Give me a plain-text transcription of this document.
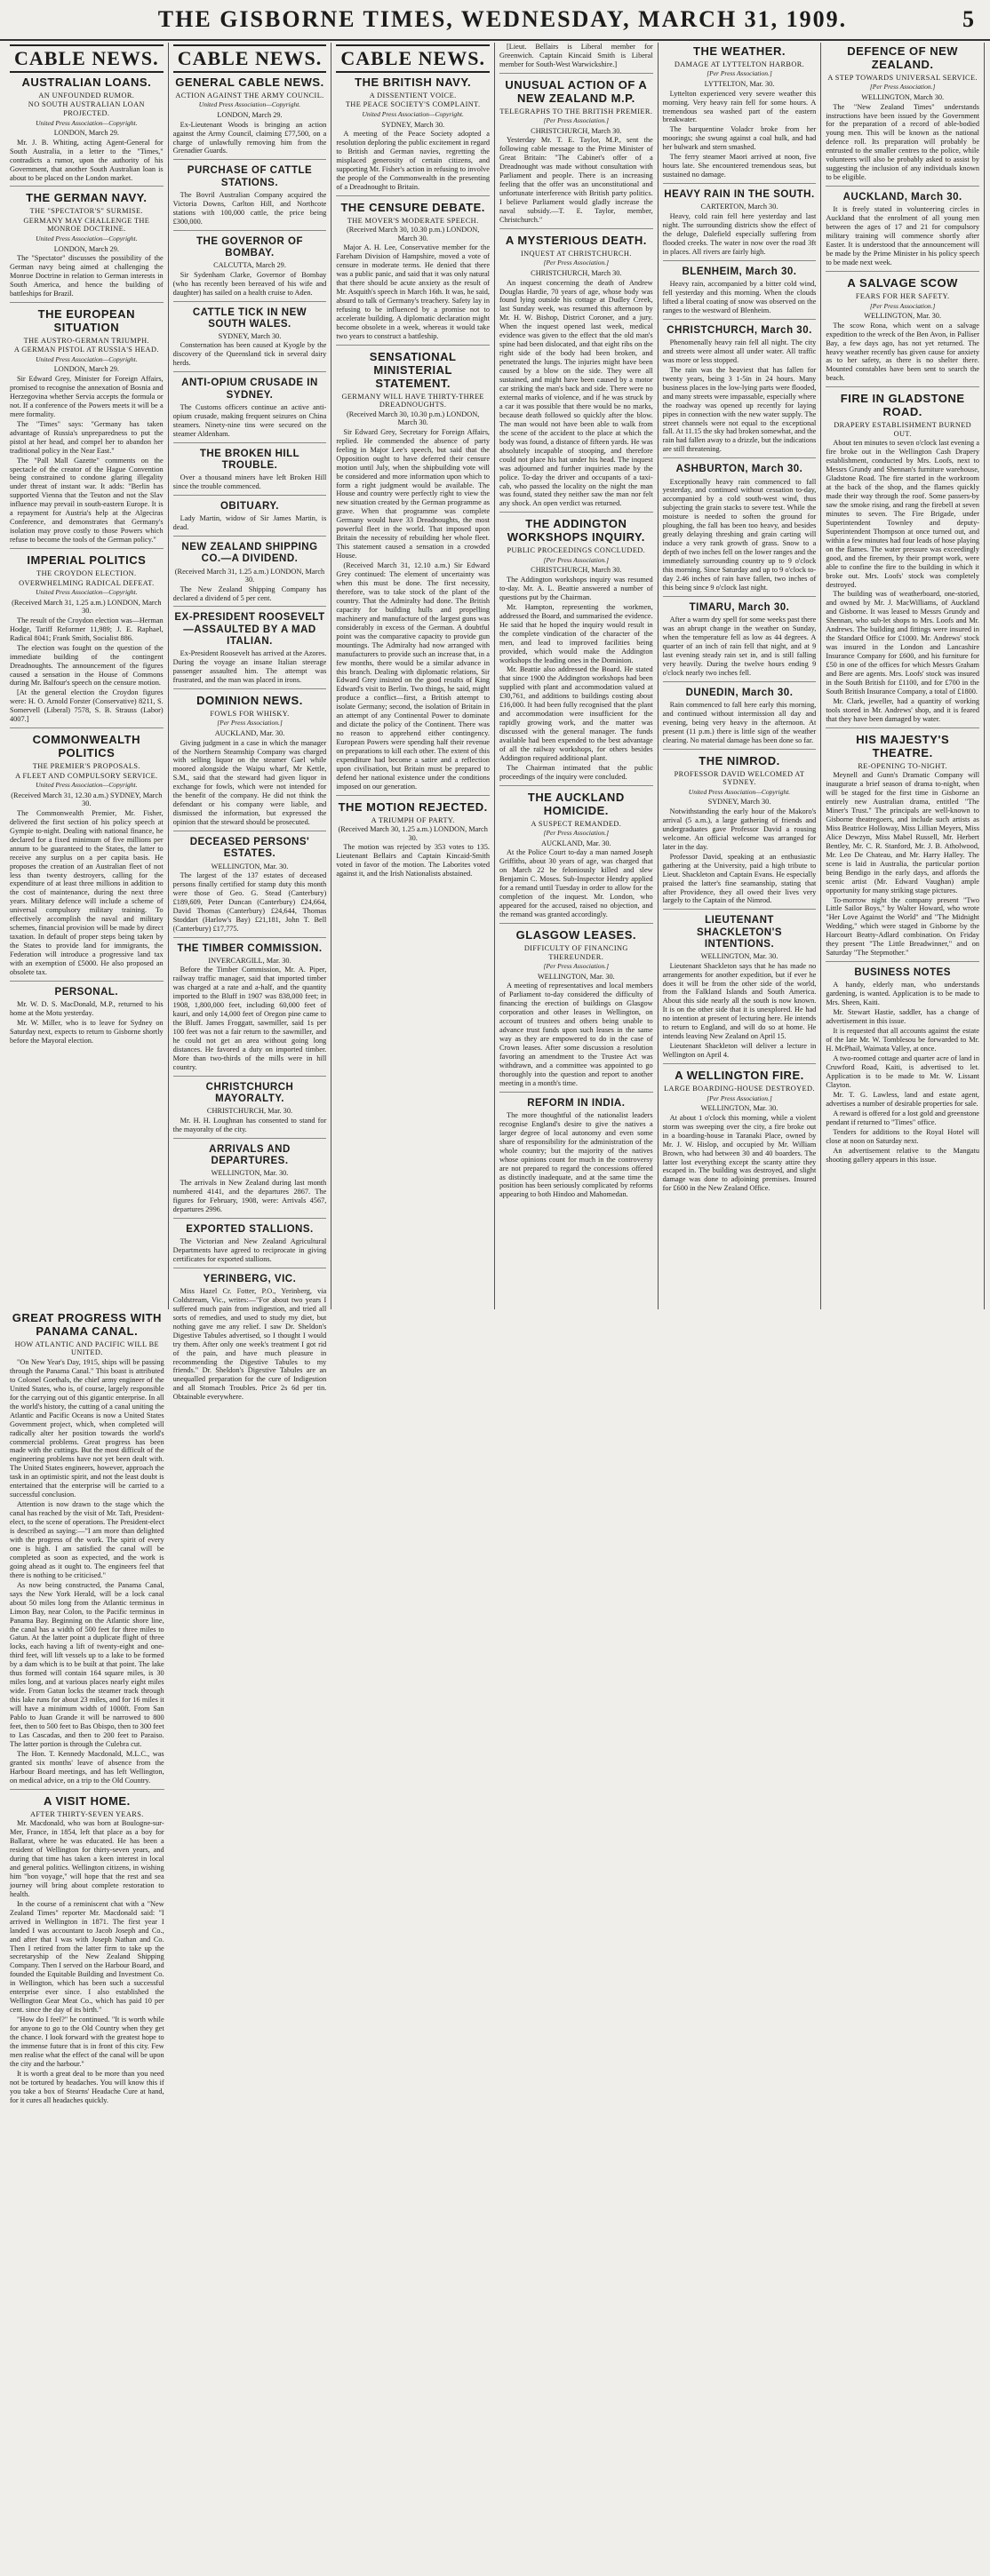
THE GISBORNE TIMES, WEDNESDAY, MARCH 31, 1909.	5
CABLE NEWS.
AUSTRALIAN LOANS.
AN UNFOUNDED RUMOR.
NO SOUTH AUSTRALIAN LOAN PROJECTED.
United Press Association—Copyright.
LONDON, March 29.

Mr. J. B. Whiting, acting Agent-General for South Australia, in a letter to the "Times," contradicts a rumor, upon the authority of his Government, that another South Australian loan is about to be placed on the London market.

THE GERMAN NAVY.
THE "SPECTATOR'S" SURMISE.
GERMANY MAY CHALLENGE THE MONROE DOCTRINE.
United Press Association—Copyright.
LONDON, March 29.

The "Spectator" discusses the possibility of the German navy being aimed at challenging the Monroe Doctrine in relation to German interests in South America, and hence the building of battleships for Brazil.

THE EUROPEAN SITUATION
THE AUSTRO-GERMAN TRIUMPH.
A GERMAN PISTOL AT RUSSIA'S HEAD.
United Press Association—Copyright.
LONDON, March 29.

Sir Edward Grey, Minister for Foreign Affairs, promised to recognise the annexation of Bosnia and Herzegovina whether Servia accepts the formula or not. If a conference of the Powers meets it will be a mere formality.

The "Times" says: "Germany has taken advantage of Russia's unpreparedness to put the pistol at her head, and compel her to abandon her traditional policy in the Near East."

The "Pall Mall Gazette" comments on the spectacle of the creator of the Hague Convention being constrained to condone glaring illegality under threat of instant war. It adds: "Berlin has supported Vienna that the Teuton and not the Slav influence may prevail in south-eastern Europe. It is a repayment for Austria's help at the Algeciras Conference, and demonstrates that Germany's isolation may prove costly to those Powers which refuse to become the tools of the German policy."

IMPERIAL POLITICS
THE CROYDON ELECTION.
OVERWHELMING RADICAL DEFEAT.
United Press Association—Copyright.
(Received March 31, 1.25 a.m.) LONDON, March 30.

The result of the Croydon election was—Herman Hodge, Tariff Reformer 11,989; J. E. Raphael, Radical 8041; Frank Smith, Socialist 886.

The election was fought on the question of the immediate building of the contingent Dreadnoughts. The announcement of the figures caused a sensation in the House of Commons during Mr. Balfour's speech on the censure motion.

[At the general election the Croydon figures were: H. O. Arnold Forster (Conservative) 8211, S. Somervell (Liberal) 7578, S. B. Strauss (Labor) 4007.]

COMMONWEALTH POLITICS
THE PREMIER'S PROPOSALS.
A FLEET AND COMPULSORY SERVICE.
United Press Association—Copyright.
(Received March 31, 12.30 a.m.) SYDNEY, March 30.

The Commonwealth Premier, Mr. Fisher, delivered the first section of his policy speech at Gympie to-night. Dealing with national finance, he declared for a fixed minimum of five millions per annum to be guaranteed to the States, the latter to receive any surplus on a per capita basis. He proposes the creation of an Australian fleet of not less than twenty destroyers, calling for the expenditure of at least three millions in addition to the cost of maintenance, during the next three years. Military defence will include a scheme of universal compulsory military training. To effectively accomplish the naval and military schemes, financial provision will be made by direct taxation. In default of proper steps being taken by the States to provide land for immigrants, the Federation will introduce a progressive land tax with an exemption of £5000. He also proposed an obsolete tax.

PERSONAL.

Mr. W. D. S. MacDonald, M.P., returned to his home at the Motu yesterday.

Mr. W. Miller, who is to leave for Sydney on Saturday next, expects to return to Gisborne shortly before the Mayoral election.

CABLE NEWS.
GENERAL CABLE NEWS.
ACTION AGAINST THE ARMY COUNCIL.
United Press Association—Copyright.
LONDON, March 29.

Ex-Lieutenant Woods is bringing an action against the Army Council, claiming £77,500, on a charge of unlawfully removing him from the Grenadier Guards.

PURCHASE OF CATTLE STATIONS.

The Bovril Australian Company acquired the Victoria Downs, Carlton Hill, and Northcote stations with 100,000 cattle, the price being £300,000.

THE GOVERNOR OF BOMBAY.
CALCUTTA, March 29.

Sir Sydenham Clarke, Governor of Bombay (who has recently been bereaved of his wife and daughter) has sailed on a health cruise to Aden.

CATTLE TICK IN NEW SOUTH WALES.
SYDNEY, March 30.

Consternation has been caused at Kyogle by the discovery of the Queensland tick in several dairy herds.

ANTI-OPIUM CRUSADE IN SYDNEY.

The Customs officers continue an active anti-opium crusade, making frequent seizures on China steamers. Ninety-nine tins were secured on the steamer Aldenham.

THE BROKEN HILL TROUBLE.

Over a thousand miners have left Broken Hill since the trouble commenced.

OBITUARY.

Lady Martin, widow of Sir James Martin, is dead.

NEW ZEALAND SHIPPING CO.—A DIVIDEND.
(Received March 31, 1.25 a.m.) LONDON, March 30.

The New Zealand Shipping Company has declared a dividend of 5 per cent.

EX-PRESIDENT ROOSEVELT—ASSAULTED BY A MAD ITALIAN.

Ex-President Roosevelt has arrived at the Azores. During the voyage an insane Italian steerage passenger assaulted him. The attempt was frustrated, and the man was placed in irons.

DOMINION NEWS.
FOWLS FOR WHISKY.
[Per Press Association.]
AUCKLAND, Mar. 30.

Giving judgment in a case in which the manager of the Northern Steamship Company was charged with selling liquor on the steamer Gael while moored alongside the Waipu wharf, Mr Kettle, S.M., said that the steward had given liquor in exchange for fowls, which were not intended for the benefit of the company. He did not think the defendant or his company were liable, and dismissed the information, but expressed the opinion that the steward should be prosecuted.

DECEASED PERSONS' ESTATES.
WELLINGTON, Mar. 30.

The largest of the 137 estates of deceased persons finally certified for stamp duty this month were those of Geo. G. Stead (Canterbury) £189,609, Peter Duncan (Canterbury) £24,664, David Thomas (Canterbury) £24,644, Thomas Stoddart (Harlow's Bay) £21,181, John T. Bell (Canterbury) £17,775.

THE TIMBER COMMISSION.
INVERCARGILL, Mar. 30.

Before the Timber Commission, Mr. A. Piper, railway traffic manager, said that imported timber was charged at a rate and a-half, and the quantity imported to the Bluff in 1907 was 838,000 feet; in 1908, 1,800,000 feet, including 60,000 feet of kauri, and only 14,000 feet of Oregon pine came to the Bluff. James Froggatt, sawmiller, said 1s per 100 feet was not a fair return to the sawmiller, and he could not get an area without going long distances. He favored a duty on imported timber. More than two-thirds of the mills were in hill country.

CHRISTCHURCH MAYORALTY.
CHRISTCHURCH, Mar. 30.

Mr. H. H. Loughnan has consented to stand for the mayoralty of the city.

ARRIVALS AND DEPARTURES.
WELLINGTON, Mar. 30.

The arrivals in New Zealand during last month numbered 4141, and the departures 2867. The figures for February, 1908, were: Arrivals 4567, departures 2996.

EXPORTED STALLIONS.

The Victorian and New Zealand Agricultural Departments have agreed to reciprocate in giving certificates for exported stallions.

YERINBERG, VIC.

Miss Hazel Cr. Fotter, P.O., Yerinberg, via Coldstream, Vic., writes:—"For about two years I suffered much pain from indigestion, and tried all sorts of remedies, and used to study my diet, but nothing gave me any relief. I saw Dr. Sheldon's Digestive Tabules advertised, so I thought I would try them. After only one week's treatment I got rid of the pain, and have much pleasure in recommending the Digestive Tabules to my friends." Dr. Sheldon's Digestive Tabules are an unequalled preparation for the cure of Indigestion and all Stomach Troubles. Price 2s 6d per tin. Obtainable everywhere.

CABLE NEWS.
THE BRITISH NAVY.
A DISSENTIENT VOICE.
THE PEACE SOCIETY'S COMPLAINT.
United Press Association—Copyright.
SYDNEY, March 30.

A meeting of the Peace Society adopted a resolution deploring the public excitement in regard to British and German navies, regretting the misplaced generosity of certain citizens, and supporting Mr. Fisher's action in refusing to involve the people of the Commonwealth in the presenting of a Dreadnought to Britain.

THE CENSURE DEBATE.
THE MOVER'S MODERATE SPEECH.
(Received March 30, 10.30 p.m.) LONDON, March 30.

Major A. H. Lee, Conservative member for the Fareham Division of Hampshire, moved a vote of censure in moderate terms. He denied that there was a public panic, and said that it was only natural that there should be acute anxiety as the result of Mr. Asquith's speech in March 16th. It was, he said, absurd to talk of Germany's treachery. Safety lay in refusing to be influenced by a promise not to accelerate building. A diplomatic declaration might become obsolete in a week, whereas it would take two years to construct a battleship.

SENSATIONAL MINISTERIAL STATEMENT.
GERMANY WILL HAVE THIRTY-THREE DREADNOUGHTS.
(Received March 30, 10.30 p.m.) LONDON, March 30.

Sir Edward Grey, Secretary for Foreign Affairs, replied. He commended the absence of party feeling in Major Lee's speech, but said that the Opposition ought to have deferred their censure motion until July, when the shipbuilding vote will be considered and more information upon which to form a right judgment would be available. The House and country were perfectly right to view the new situation created by the German programme as grave. When that programme was complete Germany would have 33 Dreadnoughts, the most powerful fleet in the world. That imposed upon Britain the necessity of rebuilding her whole fleet. This statement caused a sensation in a crowded House.

(Received March 31, 12.10 a.m.) Sir Edward Grey continued: The element of uncertainty was when this must be done. The first necessity, therefore, was to take stock of the plant of the country. That the Admiralty had done. The British capacity for building hulls and propelling machinery and manufacture of the largest guns was considerably in excess of the German. A doubtful point was the comparative capacity to provide gun mountings. The Admiralty had now arranged with manufacturers to provide such an increase that, in a few months, there would be a similar advance in this branch. Dealing with diplomatic relations, Sir Edward Grey insisted on the good results of King Edward's visit to Berlin. Two things, he said, might produce a conflict—first, a British attempt to isolate Germany; second, the isolation of Britain in an attempt of any Continental Power to dominate and dictate the policy of the Continent. There was no reason to apprehend either contingency. European Powers were spending half their revenue on preparations to kill each other. The extent of this expenditure had become a satire and a reflection upon civilisation, but Britain must be prepared to defend her national existence under the conditions imposed on our generation.

THE MOTION REJECTED.
A TRIUMPH OF PARTY.
(Received March 30, 1.25 a.m.) LONDON, March 30.

The motion was rejected by 353 votes to 135. Lieutenant Bellairs and Captain Kincaid-Smith voted in favor of the motion. The Laborites voted against it, and the Irish Nationalists abstained.

[Lieut. Bellairs is Liberal member for Greenwich. Captain Kincaid Smith is Liberal member for South-West Warwickshire.]

UNUSUAL ACTION OF A NEW ZEALAND M.P.
TELEGRAPHS TO THE BRITISH PREMIER.
[Per Press Association.]
CHRISTCHURCH, March 30.

Yesterday Mr. T. E. Taylor, M.P., sent the following cable message to the Prime Minister of Great Britain: "The Cabinet's offer of a Dreadnought was made without consultation with Parliament and people. There is an increasing feeling that the offer was an unconstitutional and unfortunate interference with British party politics. I believe Parliament would gladly increase the naval subsidy.—T. E. Taylor, member, Christchurch."

A MYSTERIOUS DEATH.
INQUEST AT CHRISTCHURCH.
[Per Press Association.]
CHRISTCHURCH, March 30.

An inquest concerning the death of Andrew Douglas Hardie, 70 years of age, whose body was found lying outside his cottage at Dudley Creek, last Sunday week, was resumed this afternoon by Mr. H. W. Bishop, District Coroner, and a jury. When the inquest opened last week, medical evidence was given to the effect that the old man's spine had been dislocated, and that eight ribs on the right side of the body had been broken, and penetrated the lungs. The injuries might have been caused by a blow on the side. They were all sustained, and might have been caused by a motor car striking the man's back and side. There were no external marks of violence, and if he was struck by a car it was possible that there would be no marks, because death followed so quickly after the blow. The man would not have been able to walk from the scene of the accident to the place at which the body was found, a distance of fifteen yards. He was absolutely incapable of stooping, and therefore could not place his hat under his head. The inquest was adjourned and further inquiries made by the police. To-day the driver and occupants of a taxi-cab, who passed the locality on the night the man was found, stated they neither saw the man nor felt any shock. An open verdict was returned.

THE ADDINGTON WORKSHOPS INQUIRY.
PUBLIC PROCEEDINGS CONCLUDED.
[Per Press Association.]
CHRISTCHURCH, March 30.

The Addington workshops inquiry was resumed to-day. Mr. A. L. Beattie answered a number of questions put by the Chairman.

Mr. Hampton, representing the workmen, addressed the Board, and summarised the evidence. He said that he hoped the inquiry would result in the complete vindication of the character of the men, and lead to improved facilities being provided, which would make the Addington workshops the leading ones in the Dominion.

Mr. Beattie also addressed the Board. He stated that since 1900 the Addington workshops had been supplied with plant and accommodation valued at £30,761, and additions to buildings costing about £16,000. It had been fully recognised that the plant and accommodation were insufficient for the rapidly growing work, and the matter was discussed with the general manager. The funds available had been expended to the best advantage of all the railway workshops, for others besides Addington required additional plant.

The Chairman intimated that the public proceedings of the inquiry were concluded.

THE AUCKLAND HOMICIDE.
A SUSPECT REMANDED.
[Per Press Association.]
AUCKLAND, Mar. 30.

At the Police Court to-day a man named Joseph Griffiths, about 30 years of age, was charged that on March 22 he feloniously killed and slew Benjamin C. Moses. Sub-Inspector Hendry applied for a remand until Tuesday in order to allow for the completion of the inquest. Mr. London, who appeared for the accused, raised no objection, and the remand was granted accordingly.

GLASGOW LEASES.
DIFFICULTY OF FINANCING THEREUNDER.
[Per Press Association.]
WELLINGTON, Mar. 30.

A meeting of representatives and local members of Parliament to-day considered the difficulty of financing the erection of buildings on Glasgow corporation and other leases in Wellington, on account of trustees and others being unable to advance trust funds upon such leases in the same way as they are empowered to do in the case of Crown leases. After some discussion a resolution favoring an amendment to the Trustee Act was withdrawn, and a committee was appointed to go thoroughly into the question and report to another meeting in a month's time.

REFORM IN INDIA.

The more thoughtful of the nationalist leaders recognise England's desire to give the natives a larger degree of local autonomy and even some share of responsibility for the administration of the whole country; but the majority of the natives whose opinions count for much in the controversy are not prepared to regard the concessions offered as distinctly inadequate, and at the same time the position has been seriously complicated by reforms appearing to both Hindoo and Mahomedan.

THE WEATHER.
DAMAGE AT LYTTELTON HARBOR.
[Per Press Association.]
LYTTELTON, Mar. 30.

Lyttelton experienced very severe weather this morning. Very heavy rain fell for some hours. A tremendous sea washed part of the eastern breakwater.

The barquentine Voladcr broke from her moorings; she swung against a coal hulk, and had her bulwark and stern smashed.

The ferry steamer Maori arrived at noon, five hours late. She encountered tremendous seas, but sustained no damage.

HEAVY RAIN IN THE SOUTH.
CARTERTON, March 30.

Heavy, cold rain fell here yesterday and last night. The surrounding districts show the effect of the deluge, Dalefield especially suffering from flooded creeks. The water in now over the road 3ft in places. All rivers are fairly high.

BLENHEIM, March 30.

Heavy rain, accompanied by a bitter cold wind, fell yesterday and this morning. When the clouds lifted a liberal coating of snow was observed on the ranges to the westward of Blenheim.

CHRISTCHURCH, March 30.

Phenomenally heavy rain fell all night. The city and streets were almost all under water. All traffic was more or less stopped.

The rain was the heaviest that has fallen for twenty years, being 3 1-5in in 24 hours. Many business places in the low-lying parts were flooded, and many streets were impassable, especially where the roadway was opened up recently for laying pipes in connection with the new water supply. The street channels were not equal to the exceptional fall. At 11.15 the sky had broken somewhat, and the rain had fallen away to a drizzle, but the indications are still threatening.

ASHBURTON, March 30.

Exceptionally heavy rain commenced to fall yesterday, and continued without cessation to-day, accompanied by a cold south-west wind, thus subjecting the grain stacks to severe test. While the moisture is needed to soften the ground for ploughing, the fall has been too heavy, and besides greatly delaying threshing and grain carting will induce a very rank growth of grass. Snow to a depth of two inches fell on the lower ranges and the immediately surrounding country up to 9 o'clock this morning. Since Saturday and up to 9 o'clock to-day 2.46 inches of rain have fallen, two inches of this being since 9 o'clock last night.

TIMARU, March 30.

After a warm dry spell for some weeks past there was an abrupt change in the weather on Sunday, when the temperature fell as low as 44 degrees. A quarter of an inch of rain fell that night, and at 9 last evening steady rain set in, and is still falling very heavily. During the twelve hours ending 9 o'clock nearly two inches fell.

DUNEDIN, March 30.

Rain commenced to fall here early this morning, and continued without intermission all day and evening, being very heavy in the afternoon. At present (11 p.m.) there is little sign of the weather clearing. No material damage has been done so far.

THE NIMROD.
PROFESSOR DAVID WELCOMED AT SYDNEY.
United Press Association—Copyright.
SYDNEY, March 30.

Notwithstanding the early hour of the Makoro's arrival (5 a.m.), a large gathering of friends and undergraduates gave Professor David a rousing welcome. An official welcome was arranged for later in the day.

Professor David, speaking at an enthusiastic gathering at the University, paid a high tribute to Lieut. Shackleton and Captain Evans. He especially praised the latter's fine seamanship, stating that after Providence, they all owed their lives very largely to the Captain of the Nimrod.

LIEUTENANT SHACKLETON'S INTENTIONS.
WELLINGTON, Mar. 30.

Lieutenant Shackleton says that he has made no arrangements for another expedition, but if ever he does it will be from the other side of the world, from the Falkland Islands and South America. About this side nearly all the south is now known. It is on the other side that it is unexplored. He had no intention at present of lecturing here. He intends to return to England, and will do so at home. He intends leaving New Zealand on April 15.

Lieutenant Shackleton will deliver a lecture in Wellington on April 4.

A WELLINGTON FIRE.
LARGE BOARDING-HOUSE DESTROYED.
[Per Press Association.]
WELLINGTON, Mar. 30.

At about 1 o'clock this morning, while a violent storm was sweeping over the city, a fire broke out in a boarding-house in Taranaki Place, owned by Mr. J. W. Hislop, and occupied by Mr. William Brown, who had between 30 and 40 boarders. The latter lost everything except the scanty attire they escaped in. The building was destroyed, and slight damage was done to adjoining premises. Insured for £600 in the New Zealand Office.

DEFENCE OF NEW ZEALAND.
A STEP TOWARDS UNIVERSAL SERVICE.
[Per Press Association.]
WELLINGTON, March 30.

The "New Zealand Times" understands instructions have been issued by the Government for the preparation of a record of able-bodied young men. This will be known as the national defence roll. Its preparation will probably be entrusted to the smaller centres to the police, while volunteers will also be probably asked to assist by suggesting the inclusion of any individuals known to be eligible.

AUCKLAND, March 30.

It is freely stated in volunteering circles in Auckland that the enrolment of all young men between the ages of 17 and 21 for compulsory military training will commence shortly after Easter. It is understood that the announcement will be made by the Prime Minister in his policy speech to be made next week.

A SALVAGE SCOW
FEARS FOR HER SAFETY.
[Per Press Association.]
WELLINGTON, Mar. 30.

The scow Rona, which went on a salvage expedition to the wreck of the Ben Avon, in Palliser Bay, a few days ago, has not yet returned. The heavy weather recently has given cause for anxiety as to her safety, as there is no shelter there. Mounted constables have been sent to search the beach.

FIRE IN GLADSTONE ROAD.
DRAPERY ESTABLISHMENT BURNED OUT.

About ten minutes to seven o'clock last evening a fire broke out in the Wellington Cash Drapery establishment, conducted by Mrs. Loofs, next to Messrs Grundy and Shennan's furniture warehouse, Gladstone Road. The fire started in the workroom at the back of the shop, and the flames quickly made their way through the roof. Some passers-by saw the smoke rising, and rang the firebell at seven minutes to seven. The Fire Brigade, under Superintendent Townley and deputy-Superintendent Thompson at once turned out, and within a few minutes had four leads of hose playing on the flames. The water pressure was exceedingly good, and the firemen, by their prompt work, were able to confine the fire to the building in which it broke out. Mrs. Loofs' stock was completely destroyed.

The building was of weatherboard, one-storied, and owned by Mr. J. MacWilliams, of Auckland and Gisborne. It was leased to Messrs Grundy and Shennan, who sub-let shops to Mrs. Loofs and Mr. Andrews. The building and fittings were insured in the Standard Office for £1000. Mr. Andrews' stock was insured in the London and Lancashire Insurance Company for £600, and his furniture for £50 in one of the offices for which Messrs Graham and Bere are agents. Mrs. Loofs' stock was insured in the South British for £1100, and for £700 in the South British Insurance Company, a total of £1800.

Mr. Clark, jeweller, had a quantity of working tools stored in Mr. Andrews' shop, and it is feared that they have been damaged by water.

HIS MAJESTY'S THEATRE.
RE-OPENING TO-NIGHT.

Meynell and Gunn's Dramatic Company will inaugurate a brief season of drama to-night, when will be staged for the first time in Gisborne an entirely new Australian drama, entitled "The Miner's Trust." The principals are well-known to Gisborne theatregoers, and include such artists as Miss Beatrice Holloway, Miss Lillian Meyers, Miss Alice Dewzyn, Miss Mabel Russell, Mr. Herbert Bentley, Mr. C. R. Stanford, Mr. J. B. Atholwood, Mr. Leo De Chateau, and Mr. Harry Halley. The scene is laid in Australia, the particular portion being Bendigo in the early days, and affords the scenic artist (Mr. Edward Vaughan) ample opportunity for many striking stage pictures.

To-morrow night the company present "Two Little Sailor Boys," by Walter Howard, who wrote "Her Love Against the World" and "The Midnight Wedding," which were staged in Gisborne by the Harcourt Beatty-Adlard combination. On Friday they present "The Little Breadwinner," and on Saturday "The Stepmother."

BUSINESS NOTES

A handy, elderly man, who understands gardening, is wanted. Application is to be made to Mrs. Sheen, Kaiti.

Mr. Stewart Hastie, saddler, has a change of advertisement in this issue.

It is requested that all accounts against the estate of the late Mr. W. Tomblesou be forwarded to Mr. H. McPhail, Waimata Valley, at once.

A two-roomed cottage and quarter acre of land in Cruwford Road, Kaiti, is advertised to let. Application is to be made to Mr. W. Lissant Clayton.

Mr. T. G. Lawless, land and estate agent, advertises a number of desirable properties for sale.

A reward is offered for a lost gold and greenstone pendant if returned to "Times" office.

Tenders for additions to the Royal Hotel will close at noon on Saturday next.

An advertisement relative to the Mangatu shooting gallery appears in this issue.

GREAT PROGRESS WITH PANAMA CANAL.
HOW ATLANTIC AND PACIFIC WILL BE UNITED.

"On New Year's Day, 1915, ships will be passing through the Panama Canal." This boast is attributed to Colonel Goethals, the chief army engineer of the United States, who is, of course, largely responsible for the carrying out of this gigantic enterprise. In all the world's history, the cutting of a canal uniting the Atlantic and Pacific Oceans is now a United States Government project, which, when completed will radically alter her position towards the world's commercial problems. Great progress has been made with the cuttings. But the most difficult of the engineering problems have not yet been dealt with. The United States engineers, however, approach the task in an optimistic spirit, and not the least doubt is entertained that the enterprise will be carried to a successful conclusion.

Attention is now drawn to the stage which the canal has reached by the visit of Mr. Taft, President-elect, to the scene of operations. The President-elect is described as saying:—"I am more than delighted with the progress of the work. The spirit of every one is high. I am satisfied the canal will be completed as soon as expected, and the work is going ahead as it ought to. The engineers feel that there is nothing to be criticised."

As now being constructed, the Panama Canal, says the New York Herald, will be a lock canal about 50 miles long from the Atlantic terminus in Limon Bay, near Colon, to the Pacific terminus in Panama Bay. Beginning on the Atlantic shore line, the canal has a width of 500 feet for three miles to Gatun. At the latter point a duplicate flight of three locks, each having a lift of twenty-eight and one-third feet, will lift vessels up to a lake to be formed by a dam which is to be built at that point. The lake thus formed will contain 164 square miles, is 30 miles long, and at various places nearly eight miles wide. From Gatun locks the steamer track through this lake runs for about 23 miles, and for 16 miles it will have a minimum width of 1000ft. From San Pablo to Juan Grande it will be narrowed to 800 feet, then to 500 feet to Bas Obispo, then to 300 feet to Las Cascadas, and then to 200 feet to Paraiso. The latter portion is through the Culebra cut.

The Hon. T. Kennedy Macdonald, M.L.C., was granted six months' leave of absence from the Harbour Board meetings, and has left Wellington, on medical advice, on a trip to the Old Country.

A VISIT HOME.
AFTER THIRTY-SEVEN YEARS.

Mr. Macdonald, who was born at Boulogne-sur-Mer, France, in 1854, left that place as a boy for Ballarat, where he was educated. He has been a resident of Wellington for thirty-seven years, and during that time has taken a keen interest in local and general politics. Wellington citizens, in wishing him "bon voyage," will hope that the rest and sea journey will bring about complete restoration to health.

In the course of a reminiscent chat with a "New Zealand Times" reporter Mr. Macdonald said: "I arrived in Wellington in 1871. The first year I landed I was accountant to Jacob Joseph and Co., and after that I was with Joseph Nathan and Co. Then I retired from the latter firm to take up the secretaryship of the New Zealand Shipping Company. Then I served on the Harbour Board, and founded the Equitable Building and Investment Co. in Wellington, which has been such a successful enterprise ever since. I also established the Wellington Gear Meat Co., which has paid 10 per cent. since the day of its birth."

"How do I feel?" he continued. "It is worth while for anyone to go to the Old Country when they get the chance. I look forward with the greatest hope to the immense future that is in front of this city. Few men realise what the effect of the canal will be upon the city and the harbour."

It is worth a great deal to be more than you need not be tortured by headaches. You will know this if you take a box of Stearns' Headache Cure at hand, for it cures all headaches quickly.
